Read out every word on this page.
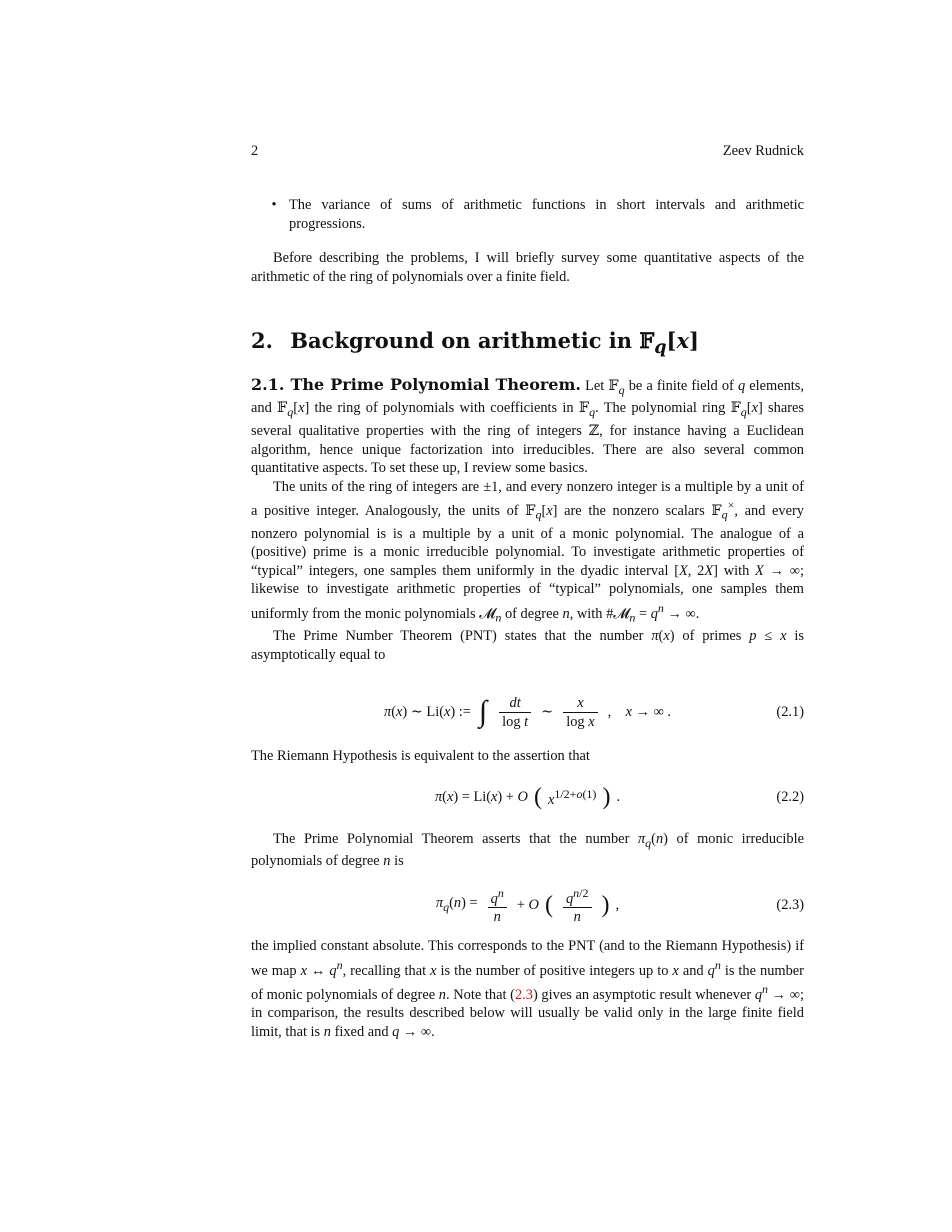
2	Zeev Rudnick
• The variance of sums of arithmetic functions in short intervals and arithmetic progressions.

Before describing the problems, I will briefly survey some quantitative aspects of the arithmetic of the ring of polynomials over a finite field.

2. Background on arithmetic in 𝔽$_q$[x]

2.1. The Prime Polynomial Theorem. Let 𝔽$_q$ be a finite field of q elements, and 𝔽$_q$[x] the ring of polynomials with coefficients in 𝔽$_q$. The polynomial ring 𝔽$_q$[x] shares several qualitative properties with the ring of integers ℤ, for instance having a Euclidean algorithm, hence unique factorization into irreducibles. There are also several common quantitative aspects. To set these up, I review some basics.

The units of the ring of integers are ±1, and every nonzero integer is a multiple by a unit of a positive integer. Analogously, the units of 𝔽$_q$[x] are the nonzero scalars 𝔽$_q$×, and every nonzero polynomial is is a multiple by a unit of a monic polynomial. The analogue of a (positive) prime is a monic irreducible polynomial. To investigate arithmetic properties of “typical” integers, one samples them uniformly in the dyadic interval [X, 2X] with X → ∞; likewise to investigate arithmetic properties of “typical” polynomials, one samples them uniformly from the monic polynomials 𝓜$_n$ of degree n, with #𝓜$_n$ = $q^n$ → ∞.

The Prime Number Theorem (PNT) states that the number π(x) of primes p ≤ x is asymptotically equal to

π(x) ∼ Li(x) := ∫ $\frac{dt}{\text{log t}}$ ∼ $\frac{x}{\text{log x}}$ ,    x → ∞ .	(2.1)

The Riemann Hypothesis is equivalent to the assertion that

π(x) = Li(x) + O ( $x^{1/2+o(1)}$ ) .	(2.2)

The Prime Polynomial Theorem asserts that the number $\pi_q(n)$ of monic irreducible polynomials of degree n is

$\pi_q(n) = \frac{q^n}{n} + O$ ( $\frac{q^{n/2}}{n}$ ) ,	(2.3)

the implied constant absolute. This corresponds to the PNT (and to the Riemann Hypothesis) if we map x ↔ $q^n$, recalling that x is the number of positive integers up to x and $q^n$ is the number of monic polynomials of degree n. Note that (2.3) gives an asymptotic result whenever $q^n$ → ∞; in comparison, the results described below will usually be valid only in the large finite field limit, that is n fixed and q → ∞.
